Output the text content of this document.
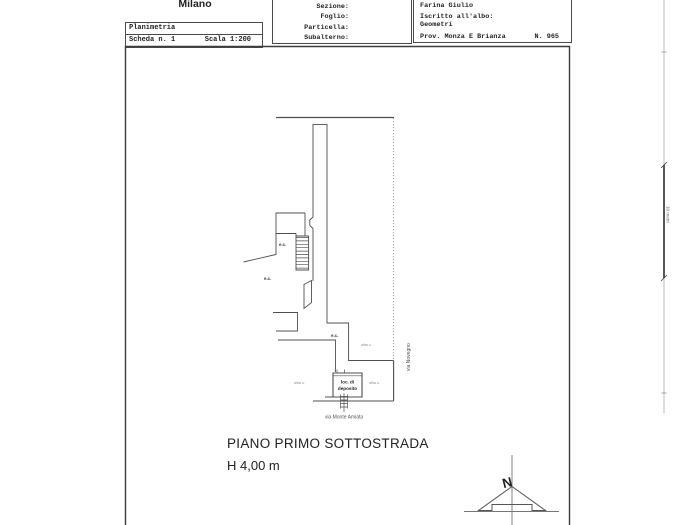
Milano
Planimetria
Scheda n. 1	Scala 1:200
Sezione:
Foglio:
Particella:
Subalterno:
Farina Giulio
Iscritto all'albo:
Geometri
Prov. Monza E Brianza	N. 965
e.c.
e.c.
e.c.
altra u.
altra u.	altra u.
loc. di
deposito
via Monte Amiata
via Novegno
10 metri
N
PIANO PRIMO SOTTOSTRADA
H 4,00 m
